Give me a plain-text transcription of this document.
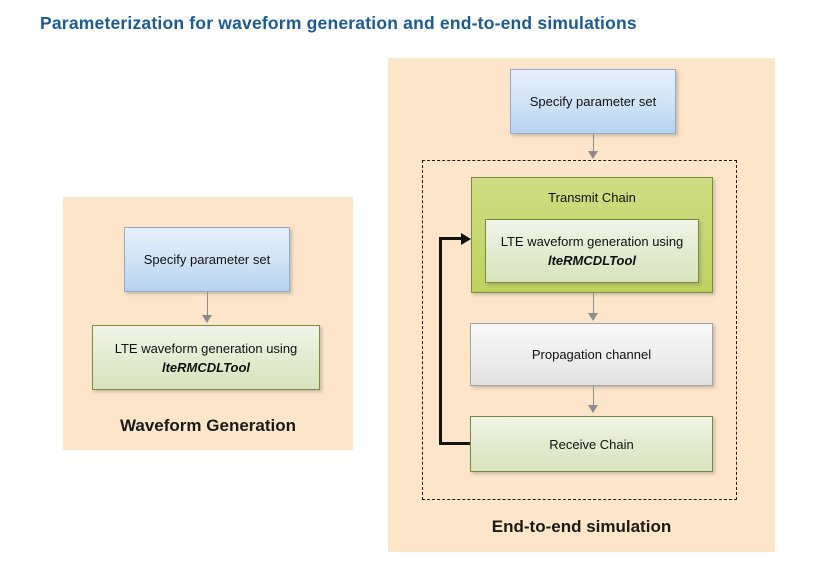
Parameterization for waveform generation and end-to-end simulations
Specify parameter set
LTE waveform generation using
lteRMCDLTool
Waveform Generation
Specify parameter set
Transmit Chain
LTE waveform generation using
lteRMCDLTool
Propagation channel
Receive Chain
End-to-end simulation
